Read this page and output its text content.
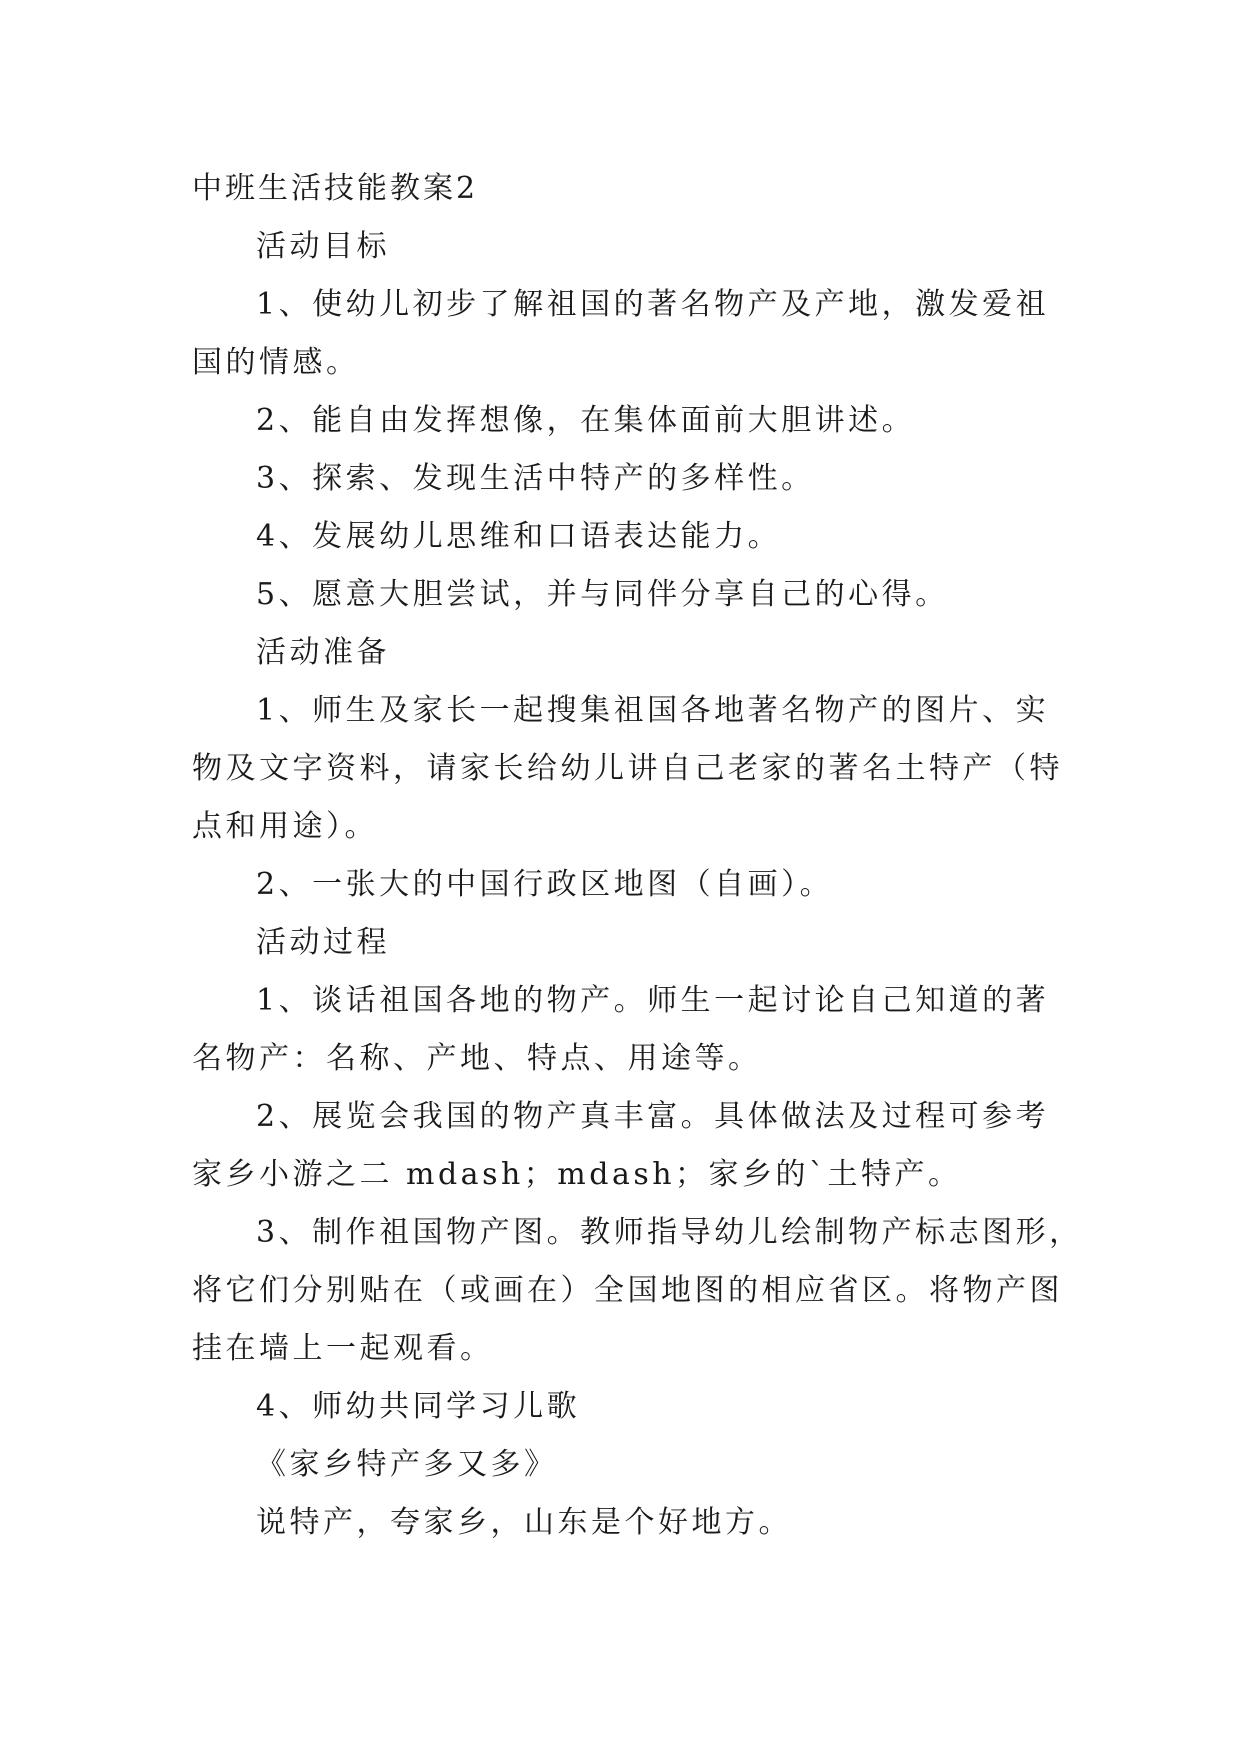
中班生活技能教案2
活动目标
1、使幼儿初步了解祖国的著名物产及产地，激发爱祖
国的情感。
2、能自由发挥想像，在集体面前大胆讲述。
3、探索、发现生活中特产的多样性。
4、发展幼儿思维和口语表达能力。
5、愿意大胆尝试，并与同伴分享自己的心得。
活动准备
1、师生及家长一起搜集祖国各地著名物产的图片、实
物及文字资料，请家长给幼儿讲自己老家的著名土特产（特
点和用途）。
2、一张大的中国行政区地图（自画）。
活动过程
1、谈话祖国各地的物产。师生一起讨论自己知道的著
名物产：名称、产地、特点、用途等。
2、展览会我国的物产真丰富。具体做法及过程可参考
家乡小游之二 mdash；mdash；家乡的`土特产。
3、制作祖国物产图。教师指导幼儿绘制物产标志图形，
将它们分别贴在（或画在）全国地图的相应省区。将物产图
挂在墙上一起观看。
4、师幼共同学习儿歌
《家乡特产多又多》
说特产，夸家乡，山东是个好地方。
